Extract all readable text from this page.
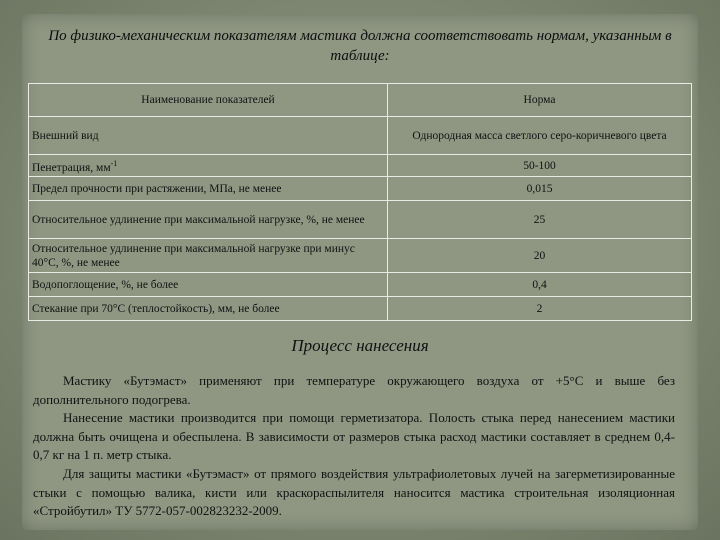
По физико-механическим показателям мастика должна соответствовать нормам, указанным в таблице:
Наименование показателей	Норма
Внешний вид	Однородная масса светлого серо-коричневого цвета
Пенетрация, $мм^{-1}$	50-100
Предел прочности при растяжении, МПа, не менее	0,015
Относительное удлинение при максимальной нагрузке, %, не менее	25
Относительное удлинение при максимальной нагрузке при минус 40°С, %, не менее	20
Водопоглощение, %, не более	0,4
Стекание при 70°С (теплостойкость), мм, не более	2
Процесс нанесения

Мастику «Бутэмаст» применяют при температуре окружающего воздуха от +5°С и выше без дополнительного подогрева.

Нанесение мастики производится при помощи герметизатора. Полость стыка перед нанесением мастики должна быть очищена и обеспылена. В зависимости от размеров стыка расход мастики составляет в среднем 0,4-0,7 кг на 1 п. метр стыка.

Для защиты мастики «Бутэмаст» от прямого воздействия ультрафиолетовых лучей на загерметизированные стыки с помощью валика, кисти или краскораспылителя наносится мастика строительная изоляционная «Стройбутил» ТУ 5772-057-002823232-2009.
